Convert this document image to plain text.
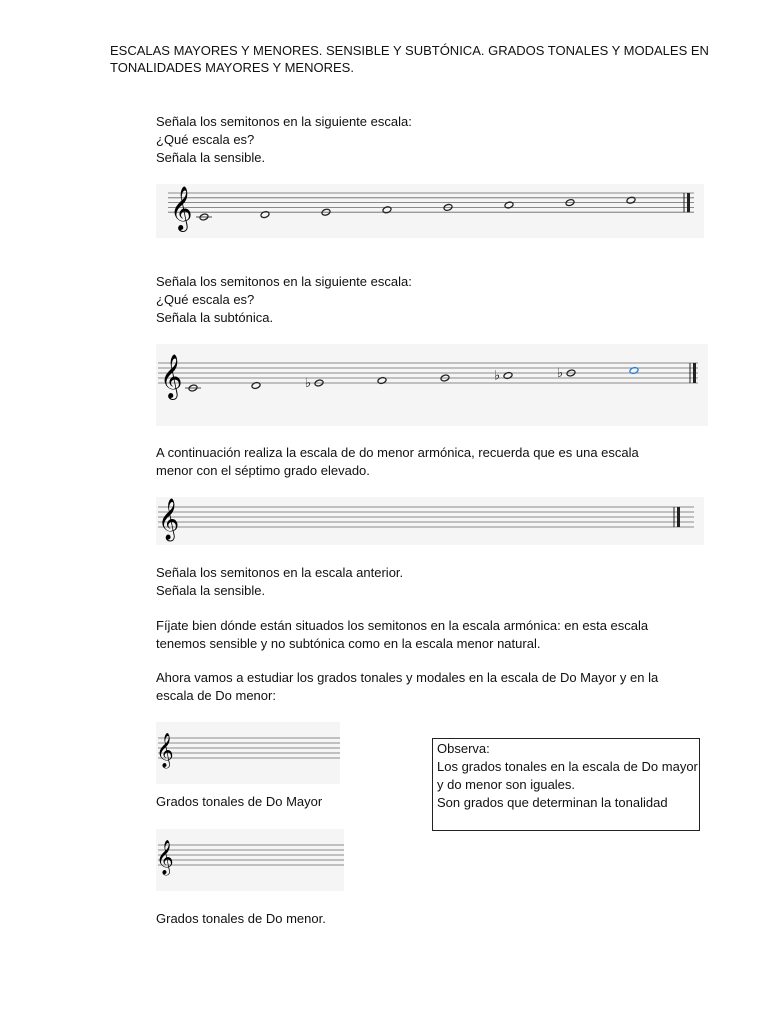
ESCALAS MAYORES Y MENORES. SENSIBLE Y SUBTÓNICA. GRADOS TONALES Y MODALES EN
TONALIDADES MAYORES Y MENORES.
Señala los semitonos en la siguiente escala:
¿Qué escala es?
Señala la sensible.
𝄞
Señala los semitonos en la siguiente escala:
¿Qué escala es?
Señala la subtónica.
𝄞	♭	♭	♭
A continuación realiza la escala de do menor armónica, recuerda que es una escala
menor con el séptimo grado elevado.
𝄞
Señala los semitonos en la escala anterior.
Señala la sensible.
Fíjate bien dónde están situados los semitonos en la escala armónica: en esta escala
tenemos sensible y no subtónica como en la escala menor natural.
Ahora vamos a estudiar los grados tonales y modales en la escala de Do Mayor y en la
escala de Do menor:
𝄞
Grados tonales de Do Mayor
Observa:
Los grados tonales en la escala de Do mayor
y do menor son iguales.
Son grados que determinan la tonalidad
𝄞
Grados tonales de Do menor.
